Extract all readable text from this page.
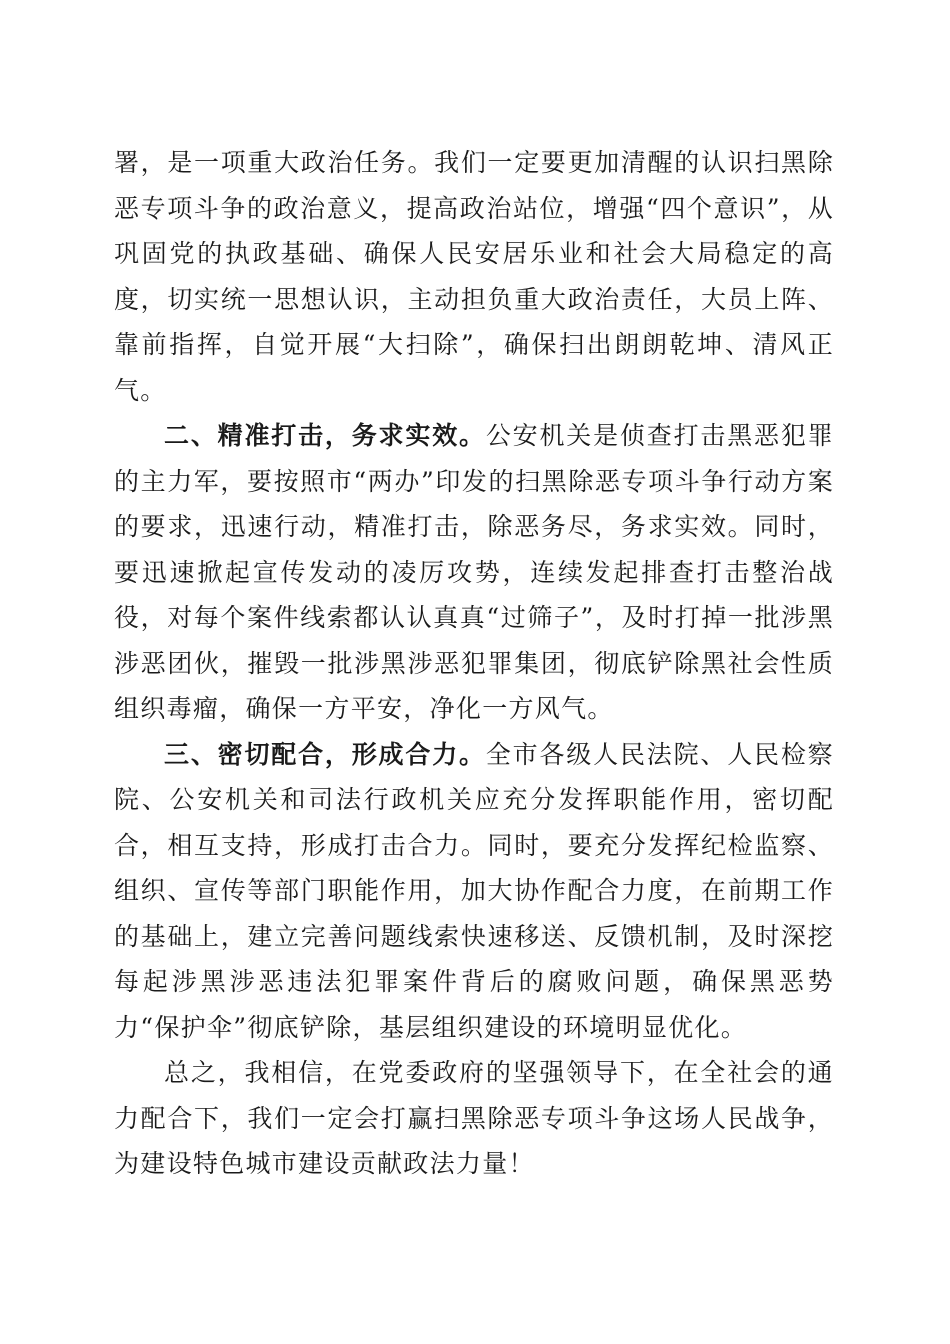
署，是一项重大政治任务。我们一定要更加清醒的认识扫黑除恶专项斗争的政治意义，提高政治站位，增强“四个意识”，从巩固党的执政基础、确保人民安居乐业和社会大局稳定的高度，切实统一思想认识，主动担负重大政治责任，大员上阵、靠前指挥，自觉开展“大扫除”，确保扫出朗朗乾坤、清风正气。

二、精准打击，务求实效。公安机关是侦查打击黑恶犯罪的主力军，要按照市“两办”印发的扫黑除恶专项斗争行动方案的要求，迅速行动，精准打击，除恶务尽，务求实效。同时，要迅速掀起宣传发动的凌厉攻势，连续发起排查打击整治战役，对每个案件线索都认认真真“过筛子”，及时打掉一批涉黑涉恶团伙，摧毁一批涉黑涉恶犯罪集团，彻底铲除黑社会性质组织毒瘤，确保一方平安，净化一方风气。

三、密切配合，形成合力。全市各级人民法院、人民检察院、公安机关和司法行政机关应充分发挥职能作用，密切配合，相互支持，形成打击合力。同时，要充分发挥纪检监察、组织、宣传等部门职能作用，加大协作配合力度，在前期工作的基础上，建立完善问题线索快速移送、反馈机制，及时深挖每起涉黑涉恶违法犯罪案件背后的腐败问题，确保黑恶势力“保护伞”彻底铲除，基层组织建设的环境明显优化。

总之，我相信，在党委政府的坚强领导下，在全社会的通力配合下，我们一定会打赢扫黑除恶专项斗争这场人民战争，为建设特色城市建设贡献政法力量！
